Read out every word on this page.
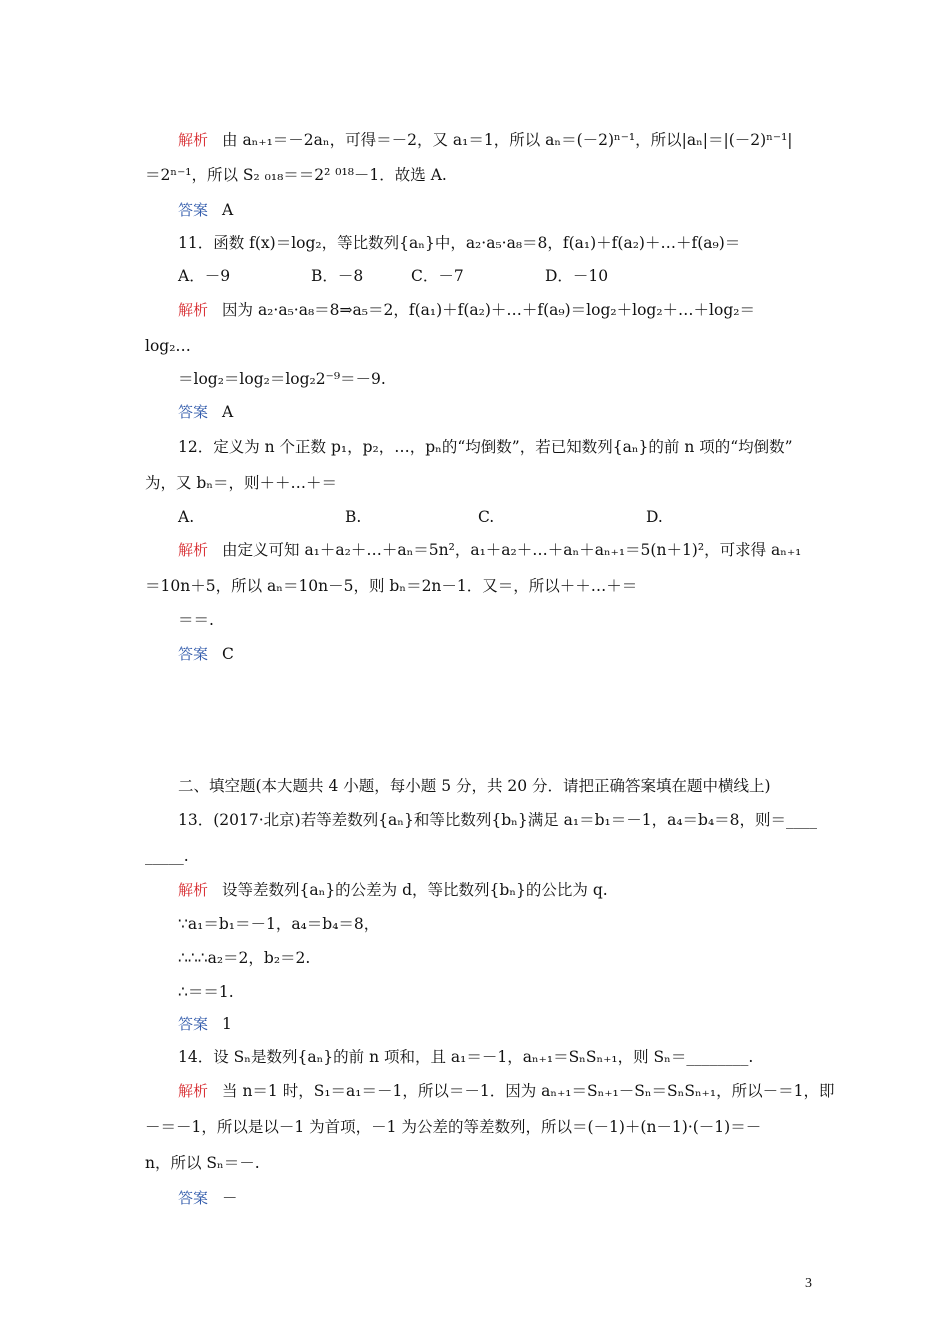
解析 由 aₙ₊₁＝－2aₙ，可得＝－2，又 a₁＝1，所以 aₙ＝(－2)ⁿ⁻¹，所以|aₙ|＝|(－2)ⁿ⁻¹|
＝2ⁿ⁻¹，所以 S₂ ₀₁₈＝＝2² ⁰¹⁸－1．故选 A.
答案 A
11．函数 f(x)＝log₂，等比数列{aₙ}中，a₂·a₅·a₈＝8，f(a₁)＋f(a₂)＋…＋f(a₉)＝
A．－9	B．－8	C．－7	D．－10
解析 因为 a₂·a₅·a₈＝8⇒a₅＝2，f(a₁)＋f(a₂)＋…＋f(a₉)＝log₂＋log₂＋…＋log₂＝
log₂…
＝log₂＝log₂＝log₂2⁻⁹＝－9.
答案 A
12．定义为 n 个正数 p₁，p₂，…，pₙ的“均倒数”，若已知数列{aₙ}的前 n 项的“均倒数”
为，又 bₙ＝，则＋＋…＋＝
A.	B.	C.	D.
解析 由定义可知 a₁＋a₂＋…＋aₙ＝5n²，a₁＋a₂＋…＋aₙ＋aₙ₊₁＝5(n＋1)²，可求得 aₙ₊₁
＝10n＋5，所以 aₙ＝10n－5，则 bₙ＝2n－1．又＝，所以＋＋…＋＝
＝＝.
答案 C
二、填空题(本大题共 4 小题，每小题 5 分，共 20 分．请把正确答案填在题中横线上)
13．(2017·北京)若等差数列{aₙ}和等比数列{bₙ}满足 a₁＝b₁＝－1，a₄＝b₄＝8，则＝____
_____.
解析 设等差数列{aₙ}的公差为 d，等比数列{bₙ}的公比为 q.
∵a₁＝b₁＝－1，a₄＝b₄＝8，
∴∴∴a₂＝2，b₂＝2.
∴＝＝1.
答案 1
14．设 Sₙ是数列{aₙ}的前 n 项和，且 a₁＝－1，aₙ₊₁＝SₙSₙ₊₁，则 Sₙ＝________.
解析 当 n＝1 时，S₁＝a₁＝－1，所以＝－1．因为 aₙ₊₁＝Sₙ₊₁－Sₙ＝SₙSₙ₊₁，所以－＝1，即
－＝－1，所以是以－1 为首项，－1 为公差的等差数列，所以＝(－1)＋(n－1)·(－1)＝－
n，所以 Sₙ＝－.
答案 －
3
